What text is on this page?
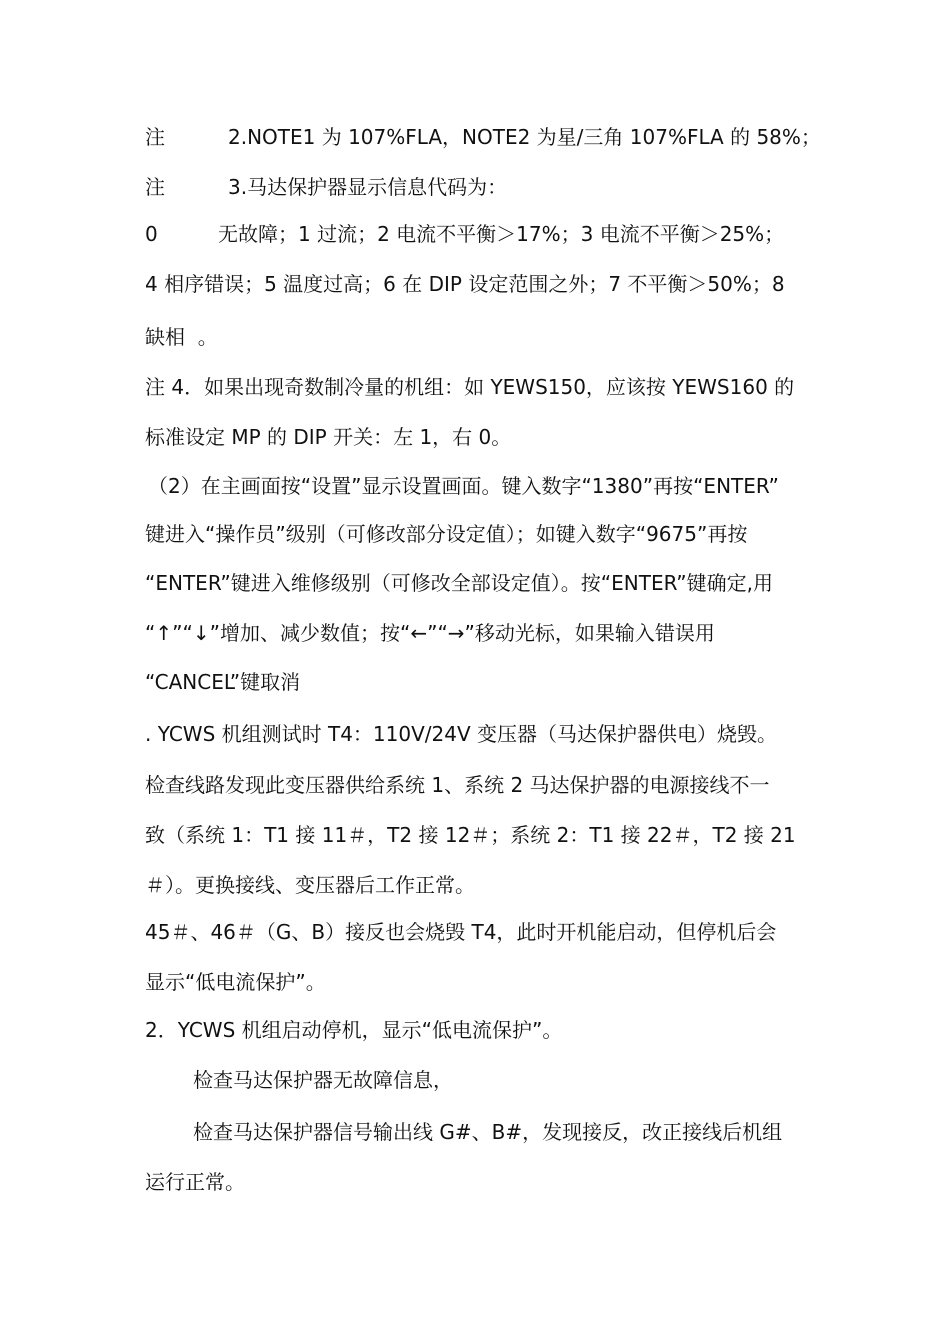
注	2.NOTE1 为 107%FLA，NOTE2 为星/三角 107%FLA 的 58%；
注	3.马达保护器显示信息代码为：
0	无故障；1 过流；2 电流不平衡＞17%；3 电流不平衡＞25%；
4 相序错误；5 温度过高；6 在 DIP 设定范围之外；7 不平衡＞50%；8
缺相  。
注 4．如果出现奇数制冷量的机组：如 YEWS150，应该按 YEWS160 的
标准设定 MP 的 DIP 开关：左 1，右 0。
（2）在主画面按“设置”显示设置画面。键入数字“1380”再按“ENTER”
键进入“操作员”级别（可修改部分设定值）；如键入数字“9675”再按
“ENTER”键进入维修级别（可修改全部设定值）。按“ENTER”键确定,用
“↑”“↓”增加、减少数值；按“←”“→”移动光标，如果输入错误用
“CANCEL”键取消
. YCWS 机组测试时 T4：110V/24V 变压器（马达保护器供电）烧毁。
检查线路发现此变压器供给系统 1、系统 2 马达保护器的电源接线不一
致（系统 1：T1 接 11＃，T2 接 12＃；系统 2：T1 接 22＃，T2 接 21
＃）。更换接线、变压器后工作正常。
45＃、46＃（G、B）接反也会烧毁 T4，此时开机能启动，但停机后会
显示“低电流保护”。
2．YCWS 机组启动停机，显示“低电流保护”。
检查马达保护器无故障信息，
检查马达保护器信号输出线 G#、B#，发现接反，改正接线后机组
运行正常。
